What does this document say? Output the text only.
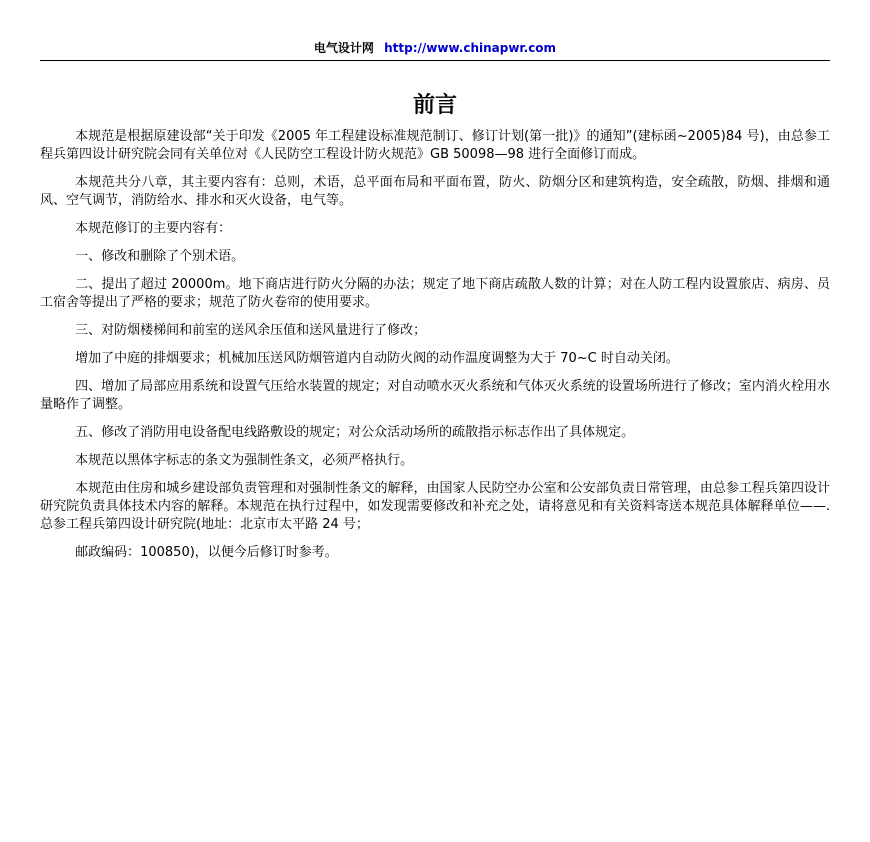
电气设计网 http://www.chinapwr.com
前言

本规范是根据原建设部“关于印发《2005 年工程建设标准规范制订、修订计划(第一批)》的通知”(建标函~2005)84 号)，由总参工程兵第四设计研究院会同有关单位对《人民防空工程设计防火规范》GB 50098—98 进行全面修订而成。

本规范共分八章，其主要内容有：总则，术语，总平面布局和平面布置，防火、防烟分区和建筑构造，安全疏散，防烟、排烟和通风、空气调节，消防给水、排水和灭火设备，电气等。

本规范修订的主要内容有：

一、修改和删除了个别术语。

二、提出了超过 20000m。地下商店进行防火分隔的办法；规定了地下商店疏散人数的计算；对在人防工程内设置旅店、病房、员工宿舍等提出了严格的要求；规范了防火卷帘的使用要求。

三、对防烟楼梯间和前室的送风余压值和送风量进行了修改；

增加了中庭的排烟要求；机械加压送风防烟管道内自动防火阀的动作温度调整为大于 70~C 时自动关闭。

四、增加了局部应用系统和设置气压给水装置的规定；对自动喷水灭火系统和气体灭火系统的设置场所进行了修改；室内消火栓用水量略作了调整。

五、修改了消防用电设备配电线路敷设的规定；对公众活动场所的疏散指示标志作出了具体规定。

本规范以黑体字标志的条文为强制性条文，必须严格执行。

本规范由住房和城乡建设部负责管理和对强制性条文的解释，由国家人民防空办公室和公安部负责日常管理，由总参工程兵第四设计研究院负责具体技术内容的解释。本规范在执行过程中，如发现需要修改和补充之处，请将意见和有关资料寄送本规范具体解释单位——.总参工程兵第四设计研究院(地址：北京市太平路 24 号；

邮政编码：100850)，以便今后修订时参考。
